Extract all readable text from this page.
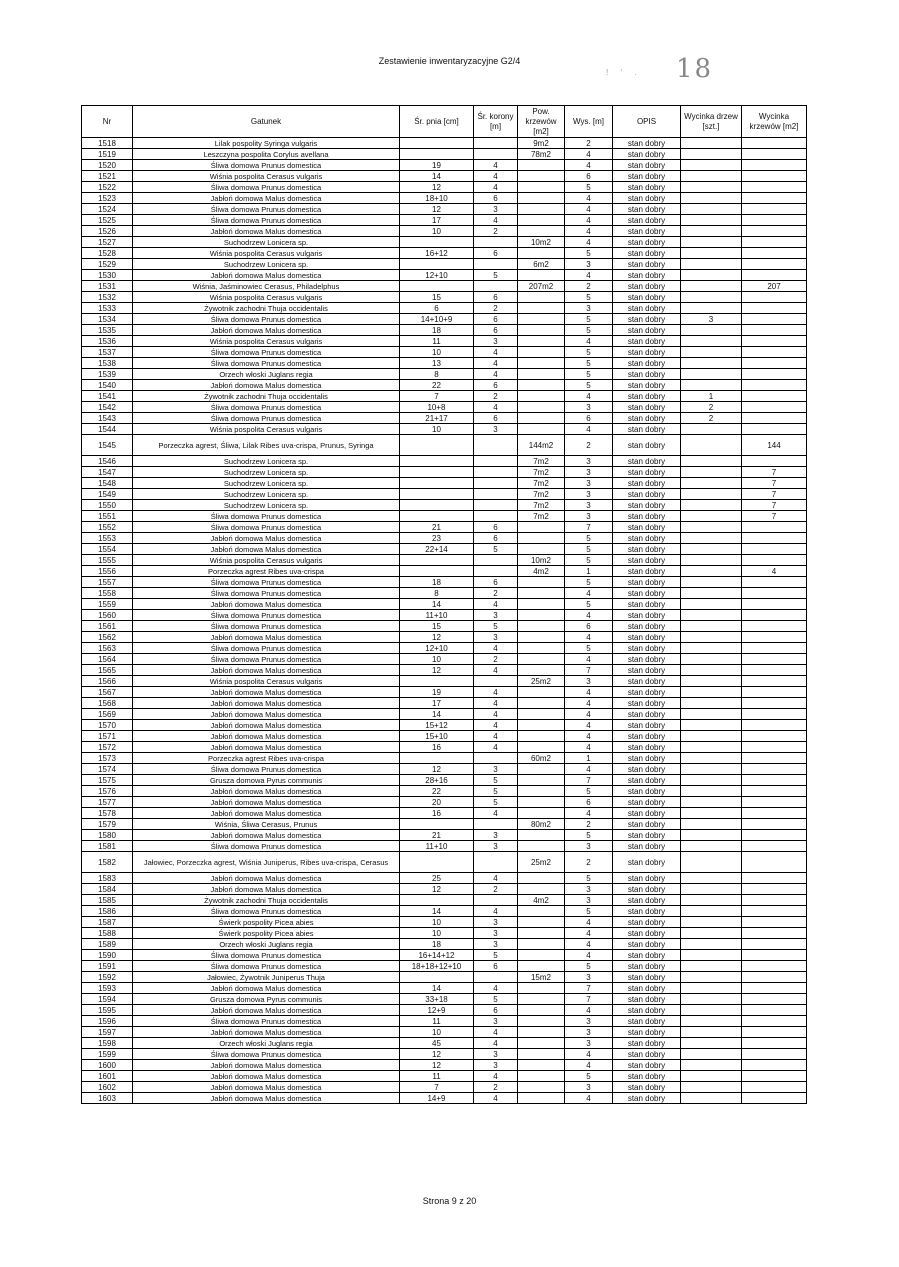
Zestawienie inwentaryzacyjne G2/4
! ' . 18
Nr	Gatunek	Śr. pnia [cm]	Śr. korony [m]	Pow. krzewów [m2]	Wys. [m]	OPIS	Wycinka drzew [szt.]	Wycinka krzewów [m2]
1518	Lilak pospolity Syringa vulgaris			9m2	2	stan dobry		
1519	Leszczyna pospolita Corylus avellana			78m2	4	stan dobry		
1520	Śliwa domowa Prunus domestica	19	4		4	stan dobry		
1521	Wiśnia pospolita Cerasus vulgaris	14	4		6	stan dobry		
1522	Śliwa domowa Prunus domestica	12	4		5	stan dobry		
1523	Jabłoń domowa Malus domestica	18+10	6		4	stan dobry		
1524	Śliwa domowa Prunus domestica	12	3		4	stan dobry		
1525	Śliwa domowa Prunus domestica	17	4		4	stan dobry		
1526	Jabłoń domowa Malus domestica	10	2		4	stan dobry		
1527	Suchodrzew Lonicera sp.			10m2	4	stan dobry		
1528	Wiśnia pospolita Cerasus vulgaris	16+12	6		5	stan dobry		
1529	Suchodrzew Lonicera sp.			6m2	3	stan dobry		
1530	Jabłoń domowa Malus domestica	12+10	5		4	stan dobry		
1531	Wiśnia, Jaśminowiec Cerasus, Philadelphus			207m2	2	stan dobry		207
1532	Wiśnia pospolita Cerasus vulgaris	15	6		5	stan dobry		
1533	Żywotnik zachodni Thuja occidentalis	6	2		3	stan dobry		
1534	Śliwa domowa Prunus domestica	14+10+9	6		5	stan dobry	3	
1535	Jabłoń domowa Malus domestica	18	6		5	stan dobry		
1536	Wiśnia pospolita Cerasus vulgaris	11	3		4	stan dobry		
1537	Śliwa domowa Prunus domestica	10	4		5	stan dobry		
1538	Śliwa domowa Prunus domestica	13	4		5	stan dobry		
1539	Orzech włoski Juglans regia	8	4		5	stan dobry		
1540	Jabłoń domowa Malus domestica	22	6		5	stan dobry		
1541	Żywotnik zachodni Thuja occidentalis	7	2		4	stan dobry	1	
1542	Śliwa domowa Prunus domestica	10+8	4		3	stan dobry	2	
1543	Śliwa domowa Prunus domestica	21+17	6		6	stan dobry	2	
1544	Wiśnia pospolita Cerasus vulgaris	10	3		4	stan dobry		
1545	Porzeczka agrest, Śliwa, Lilak Ribes uva-crispa, Prunus, Syringa			144m2	2	stan dobry		144
1546	Suchodrzew Lonicera sp.			7m2	3	stan dobry		
1547	Suchodrzew Lonicera sp.			7m2	3	stan dobry		7
1548	Suchodrzew Lonicera sp.			7m2	3	stan dobry		7
1549	Suchodrzew Lonicera sp.			7m2	3	stan dobry		7
1550	Suchodrzew Lonicera sp.			7m2	3	stan dobry		7
1551	Śliwa domowa Prunus domestica			7m2	3	stan dobry		7
1552	Śliwa domowa Prunus domestica	21	6		7	stan dobry		
1553	Jabłoń domowa Malus domestica	23	6		5	stan dobry		
1554	Jabłoń domowa Malus domestica	22+14	5		5	stan dobry		
1555	Wiśnia pospolita Cerasus vulgaris			10m2	5	stan dobry		
1556	Porzeczka agrest Ribes uva-crispa			4m2	1	stan dobry		4
1557	Śliwa domowa Prunus domestica	18	6		5	stan dobry		
1558	Śliwa domowa Prunus domestica	8	2		4	stan dobry		
1559	Jabłoń domowa Malus domestica	14	4		5	stan dobry		
1560	Śliwa domowa Prunus domestica	11+10	3		4	stan dobry		
1561	Śliwa domowa Prunus domestica	15	5		6	stan dobry		
1562	Jabłoń domowa Malus domestica	12	3		4	stan dobry		
1563	Śliwa domowa Prunus domestica	12+10	4		5	stan dobry		
1564	Śliwa domowa Prunus domestica	10	2		4	stan dobry		
1565	Jabłoń domowa Malus domestica	12	4		7	stan dobry		
1566	Wiśnia pospolita Cerasus vulgaris			25m2	3	stan dobry		
1567	Jabłoń domowa Malus domestica	19	4		4	stan dobry		
1568	Jabłoń domowa Malus domestica	17	4		4	stan dobry		
1569	Jabłoń domowa Malus domestica	14	4		4	stan dobry		
1570	Jabłoń domowa Malus domestica	15+12	4		4	stan dobry		
1571	Jabłoń domowa Malus domestica	15+10	4		4	stan dobry		
1572	Jabłoń domowa Malus domestica	16	4		4	stan dobry		
1573	Porzeczka agrest Ribes uva-crispa			60m2	1	stan dobry		
1574	Śliwa domowa Prunus domestica	12	3		4	stan dobry		
1575	Grusza domowa Pyrus communis	28+16	5		7	stan dobry		
1576	Jabłoń domowa Malus domestica	22	5		5	stan dobry		
1577	Jabłoń domowa Malus domestica	20	5		6	stan dobry		
1578	Jabłoń domowa Malus domestica	16	4		4	stan dobry		
1579	Wiśnia, Śliwa Cerasus, Prunus			80m2	2	stan dobry		
1580	Jabłoń domowa Malus domestica	21	3		5	stan dobry		
1581	Śliwa domowa Prunus domestica	11+10	3		3	stan dobry		
1582	Jałowiec, Porzeczka agrest, Wiśnia Juniperus, Ribes uva-crispa, Cerasus			25m2	2	stan dobry		
1583	Jabłoń domowa Malus domestica	25	4		5	stan dobry		
1584	Jabłoń domowa Malus domestica	12	2		3	stan dobry		
1585	Żywotnik zachodni Thuja occidentalis			4m2	3	stan dobry		
1586	Śliwa domowa Prunus domestica	14	4		5	stan dobry		
1587	Świerk pospolity Picea abies	10	3		4	stan dobry		
1588	Świerk pospolity Picea abies	10	3		4	stan dobry		
1589	Orzech włoski Juglans regia	18	3		4	stan dobry		
1590	Śliwa domowa Prunus domestica	16+14+12	5		4	stan dobry		
1591	Śliwa domowa Prunus domestica	18+18+12+10	6		5	stan dobry		
1592	Jałowiec, Żywotnik Juniperus Thuja			15m2	3	stan dobry		
1593	Jabłoń domowa Malus domestica	14	4		7	stan dobry		
1594	Grusza domowa Pyrus communis	33+18	5		7	stan dobry		
1595	Jabłoń domowa Malus domestica	12+9	6		4	stan dobry		
1596	Śliwa domowa Prunus domestica	11	3		3	stan dobry		
1597	Jabłoń domowa Malus domestica	10	4		3	stan dobry		
1598	Orzech włoski Juglans regia	45	4		3	stan dobry		
1599	Śliwa domowa Prunus domestica	12	3		4	stan dobry		
1600	Jabłoń domowa Malus domestica	12	3		4	stan dobry		
1601	Jabłoń domowa Malus domestica	11	4		5	stan dobry		
1602	Jabłoń domowa Malus domestica	7	2		3	stan dobry		
1603	Jabłoń domowa Malus domestica	14+9	4		4	stan dobry		
Strona 9 z 20
